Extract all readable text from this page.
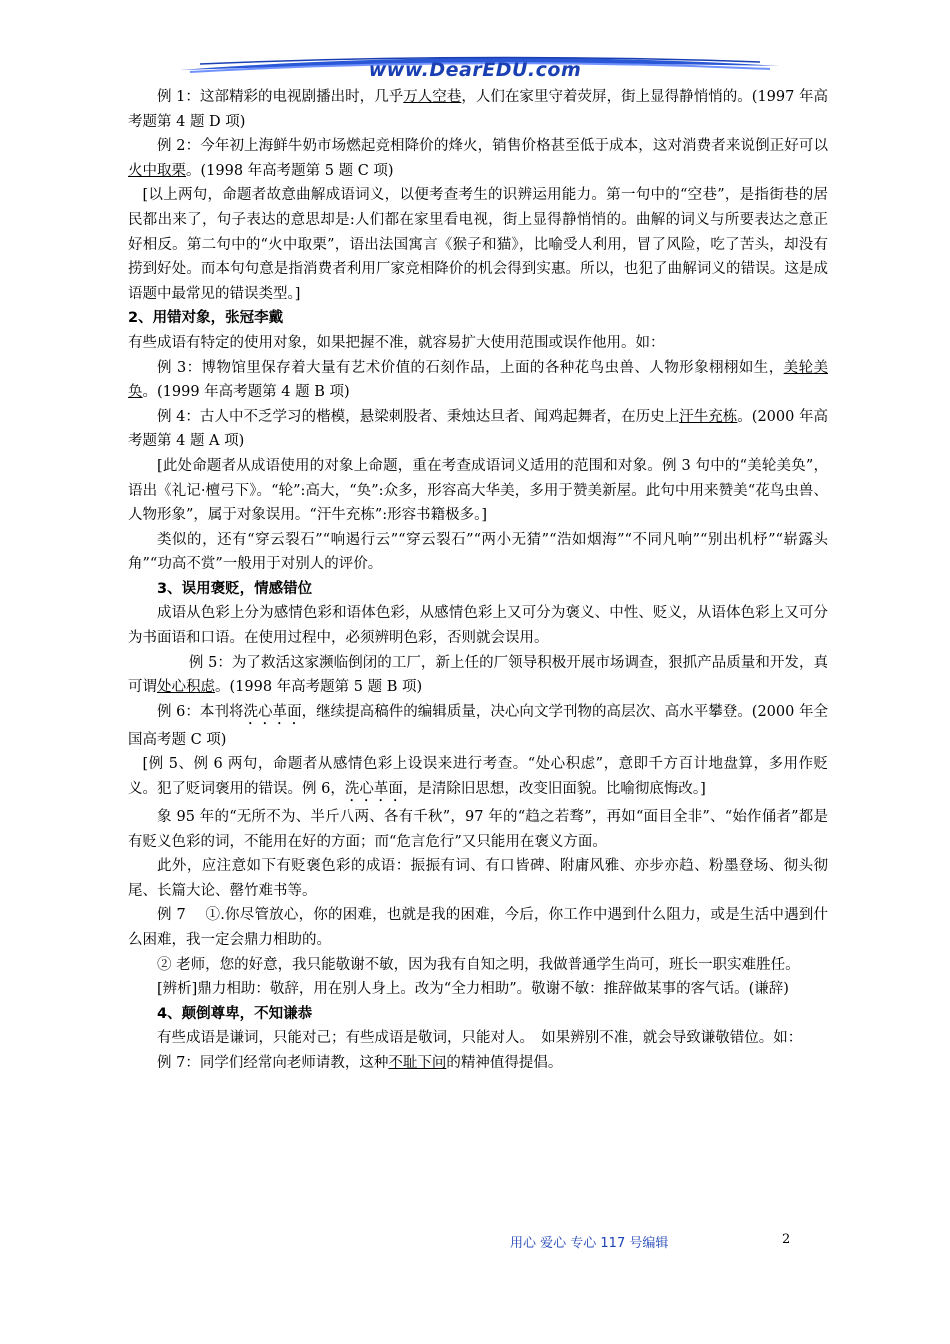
www.DearEDU.com

例 1：这部精彩的电视剧播出时，几乎万人空巷，人们在家里守着荧屏，街上显得静悄悄的。(1997 年高考题第 4 题 D 项)

例 2：今年初上海鲜牛奶市场燃起竞相降价的烽火，销售价格甚至低于成本，这对消费者来说倒正好可以火中取栗。(1998 年高考题第 5 题 C 项)

[以上两句，命题者故意曲解成语词义，以便考查考生的识辨运用能力。第一句中的“空巷”，是指街巷的居民都出来了，句子表达的意思却是:人们都在家里看电视，街上显得静悄悄的。曲解的词义与所要表达之意正好相反。第二句中的“火中取栗”，语出法国寓言《猴子和猫》，比喻受人利用，冒了风险，吃了苦头，却没有捞到好处。而本句句意是指消费者利用厂家竞相降价的机会得到实惠。所以，也犯了曲解词义的错误。这是成语题中最常见的错误类型。]

2、用错对象，张冠李戴

有些成语有特定的使用对象，如果把握不准，就容易扩大使用范围或误作他用。如：

例 3：博物馆里保存着大量有艺术价值的石刻作品，上面的各种花鸟虫兽、人物形象栩栩如生，美轮美奂。(1999 年高考题第 4 题 B 项)

例 4：古人中不乏学习的楷模，悬梁刺股者、秉烛达旦者、闻鸡起舞者，在历史上汗牛充栋。(2000 年高考题第 4 题 A 项)

[此处命题者从成语使用的对象上命题，重在考查成语词义适用的范围和对象。例 3 句中的“美轮美奂”，语出《礼记·檀弓下》。“轮”:高大，“奂”:众多，形容高大华美，多用于赞美新屋。此句中用来赞美“花鸟虫兽、人物形象”，属于对象误用。“汗牛充栋”:形容书籍极多。]

类似的，还有“穿云裂石”“响遏行云”“穿云裂石”“两小无猜”“浩如烟海”“不同凡响”“别出机杼”“崭露头角”“功高不赏”一般用于对别人的评价。

3、误用褒贬，情感错位

成语从色彩上分为感情色彩和语体色彩，从感情色彩上又可分为褒义、中性、贬义，从语体色彩上又可分为书面语和口语。在使用过程中，必须辨明色彩，否则就会误用。

例 5：为了救活这家濒临倒闭的工厂，新上任的厂领导积极开展市场调查，狠抓产品质量和开发，真可谓处心积虑。(1998 年高考题第 5 题 B 项)

例 6：本刊将洗心革面，继续提高稿件的编辑质量，决心向文学刊物的高层次、高水平攀登。(2000 年全国高考题 C 项)

[例 5、例 6 两句，命题者从感情色彩上设误来进行考查。“处心积虑”，意即千方百计地盘算，多用作贬义。犯了贬词褒用的错误。例 6，洗心革面，是清除旧思想，改变旧面貌。比喻彻底悔改。]

象 95 年的“无所不为、半斤八两、各有千秋”，97 年的“趋之若骛”，再如“面目全非”、“始作俑者”都是有贬义色彩的词，不能用在好的方面；而“危言危行”又只能用在褒义方面。

此外，应注意如下有贬褒色彩的成语：振振有词、有口皆碑、附庸风雅、亦步亦趋、粉墨登场、彻头彻尾、长篇大论、罄竹难书等。

例 7　 ①.你尽管放心，你的困难，也就是我的困难，今后，你工作中遇到什么阻力，或是生活中遇到什么困难，我一定会鼎力相助的。

② 老师，您的好意，我只能敬谢不敏，因为我有自知之明，我做普通学生尚可，班长一职实难胜任。

[辨析]鼎力相助：敬辞，用在别人身上。改为“全力相助”。敬谢不敏：推辞做某事的客气话。(谦辞)

4、颠倒尊卑，不知谦恭

有些成语是谦词，只能对己；有些成语是敬词，只能对人。　如果辨别不准，就会导致谦敬错位。如：

例 7：同学们经常向老师请教，这种不耻下问的精神值得提倡。

用心 爱心 专心 117 号编辑	2
